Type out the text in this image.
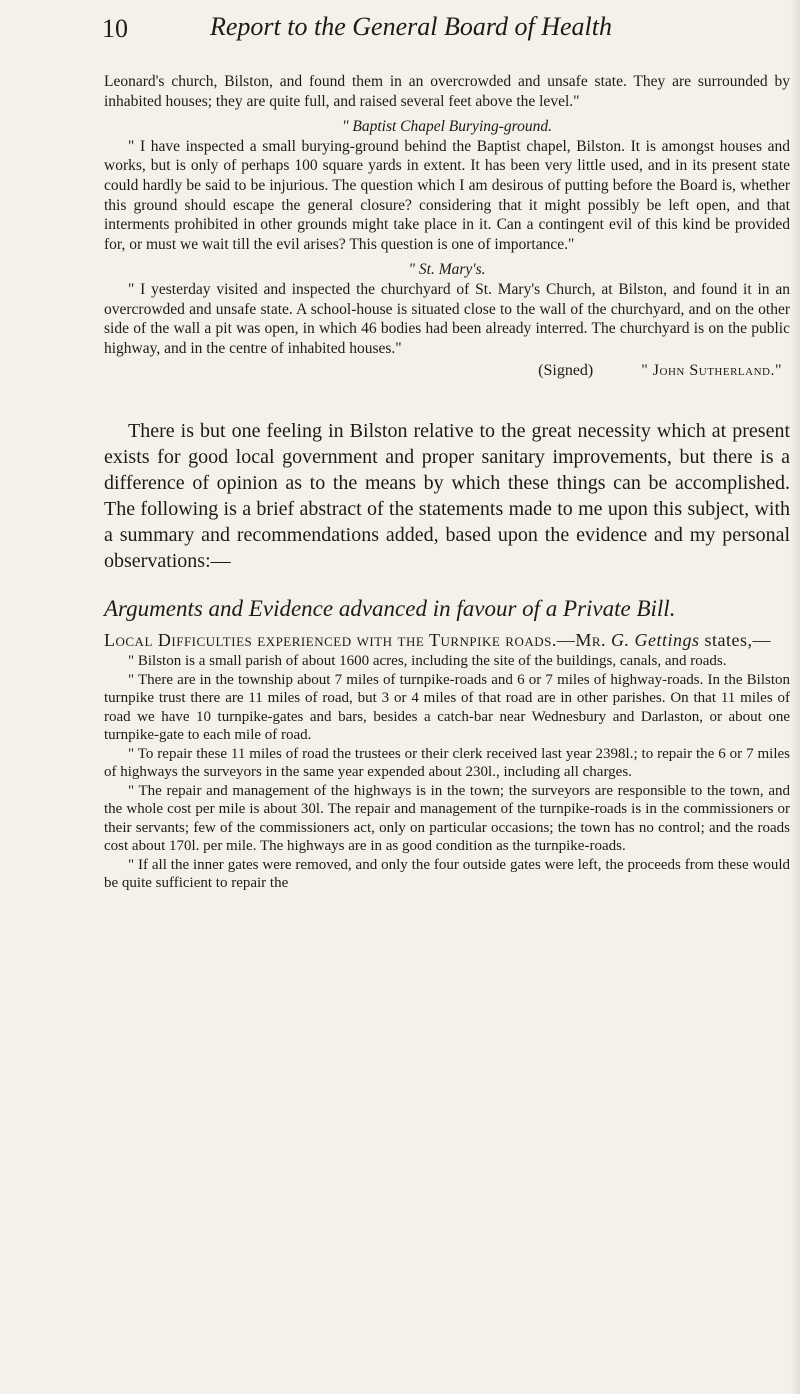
10	Report to the General Board of Health

Leonard's church, Bilston, and found them in an overcrowded and unsafe state. They are surrounded by inhabited houses; they are quite full, and raised several feet above the level."

" Baptist Chapel Burying-ground.

" I have inspected a small burying-ground behind the Baptist chapel, Bilston. It is amongst houses and works, but is only of perhaps 100 square yards in extent. It has been very little used, and in its present state could hardly be said to be injurious. The question which I am desirous of putting before the Board is, whether this ground should escape the general closure? considering that it might possibly be left open, and that interments prohibited in other grounds might take place in it. Can a contingent evil of this kind be provided for, or must we wait till the evil arises? This question is one of importance."

" St. Mary's.

" I yesterday visited and inspected the churchyard of St. Mary's Church, at Bilston, and found it in an overcrowded and unsafe state. A school-house is situated close to the wall of the churchyard, and on the other side of the wall a pit was open, in which 46 bodies had been already interred. The churchyard is on the public highway, and in the centre of inhabited houses."

(Signed)	" John Sutherland."

There is but one feeling in Bilston relative to the great necessity which at present exists for good local government and proper sanitary improvements, but there is a difference of opinion as to the means by which these things can be accomplished. The following is a brief abstract of the statements made to me upon this subject, with a summary and recommendations added, based upon the evidence and my personal observations:—

Arguments and Evidence advanced in favour of a Private Bill.

Local Difficulties experienced with the Turnpike roads.—Mr. G. Gettings states,—

" Bilston is a small parish of about 1600 acres, including the site of the buildings, canals, and roads.

" There are in the township about 7 miles of turnpike-roads and 6 or 7 miles of highway-roads. In the Bilston turnpike trust there are 11 miles of road, but 3 or 4 miles of that road are in other parishes. On that 11 miles of road we have 10 turnpike-gates and bars, besides a catch-bar near Wednesbury and Darlaston, or about one turnpike-gate to each mile of road.

" To repair these 11 miles of road the trustees or their clerk received last year 2398l.; to repair the 6 or 7 miles of highways the surveyors in the same year expended about 230l., including all charges.

" The repair and management of the highways is in the town; the surveyors are responsible to the town, and the whole cost per mile is about 30l. The repair and management of the turnpike-roads is in the commissioners or their servants; few of the commissioners act, only on particular occasions; the town has no control; and the roads cost about 170l. per mile. The highways are in as good condition as the turnpike-roads.

" If all the inner gates were removed, and only the four outside gates were left, the proceeds from these would be quite sufficient to repair the
